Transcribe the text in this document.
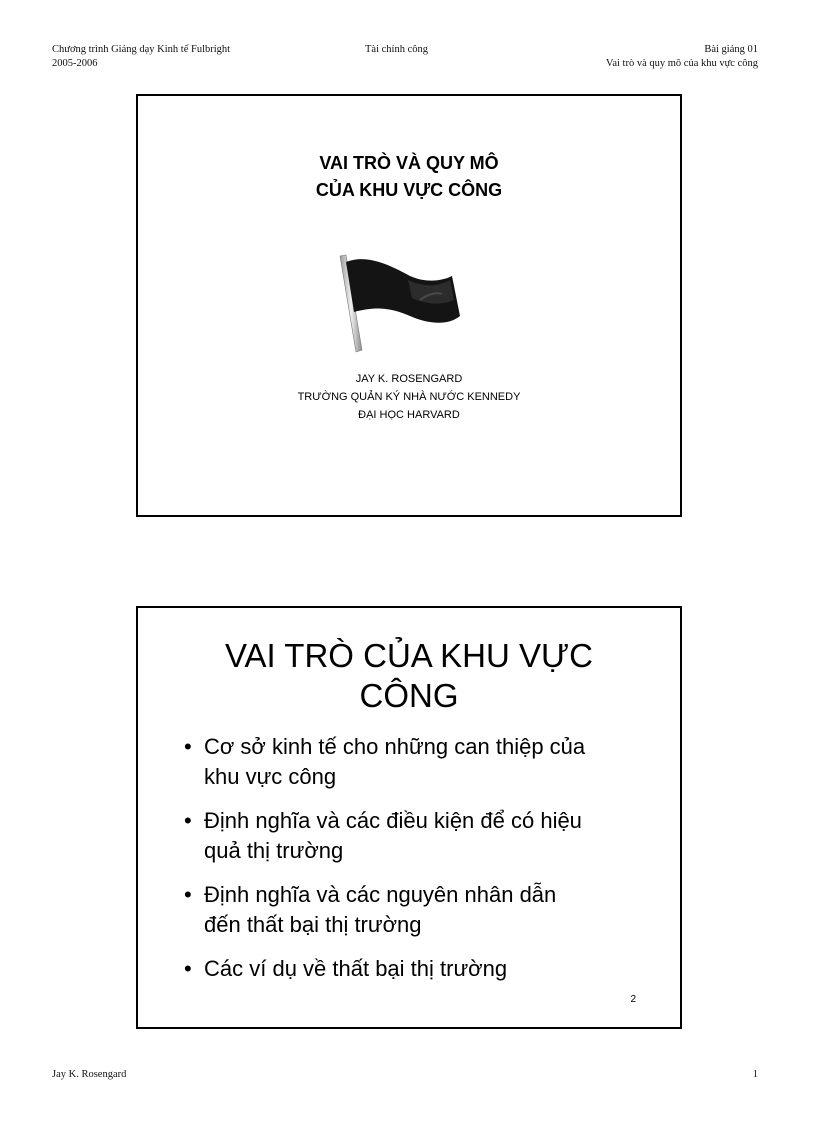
Chương trình Giảng dạy Kinh tế Fulbright
2005-2006
Tài chính công	Bài giảng 01
Vai trò và quy mô của khu vực công
VAI TRÒ VÀ QUY MÔ
CỦA KHU VỰC CÔNG
JAY K. ROSENGARD
TRƯỜNG QUẢN KÝ NHÀ NƯỚC KENNEDY
ĐẠI HỌC HARVARD
VAI TRÒ CỦA KHU VỰC
CÔNG
• Cơ sở kinh tế cho những can thiệp của
khu vực công
• Định nghĩa và các điều kiện để có hiệu
quả thị trường
• Định nghĩa và các nguyên nhân dẫn
đến thất bại thị trường
• Các ví dụ về thất bại thị trường
2
Jay K. Rosengard	1
